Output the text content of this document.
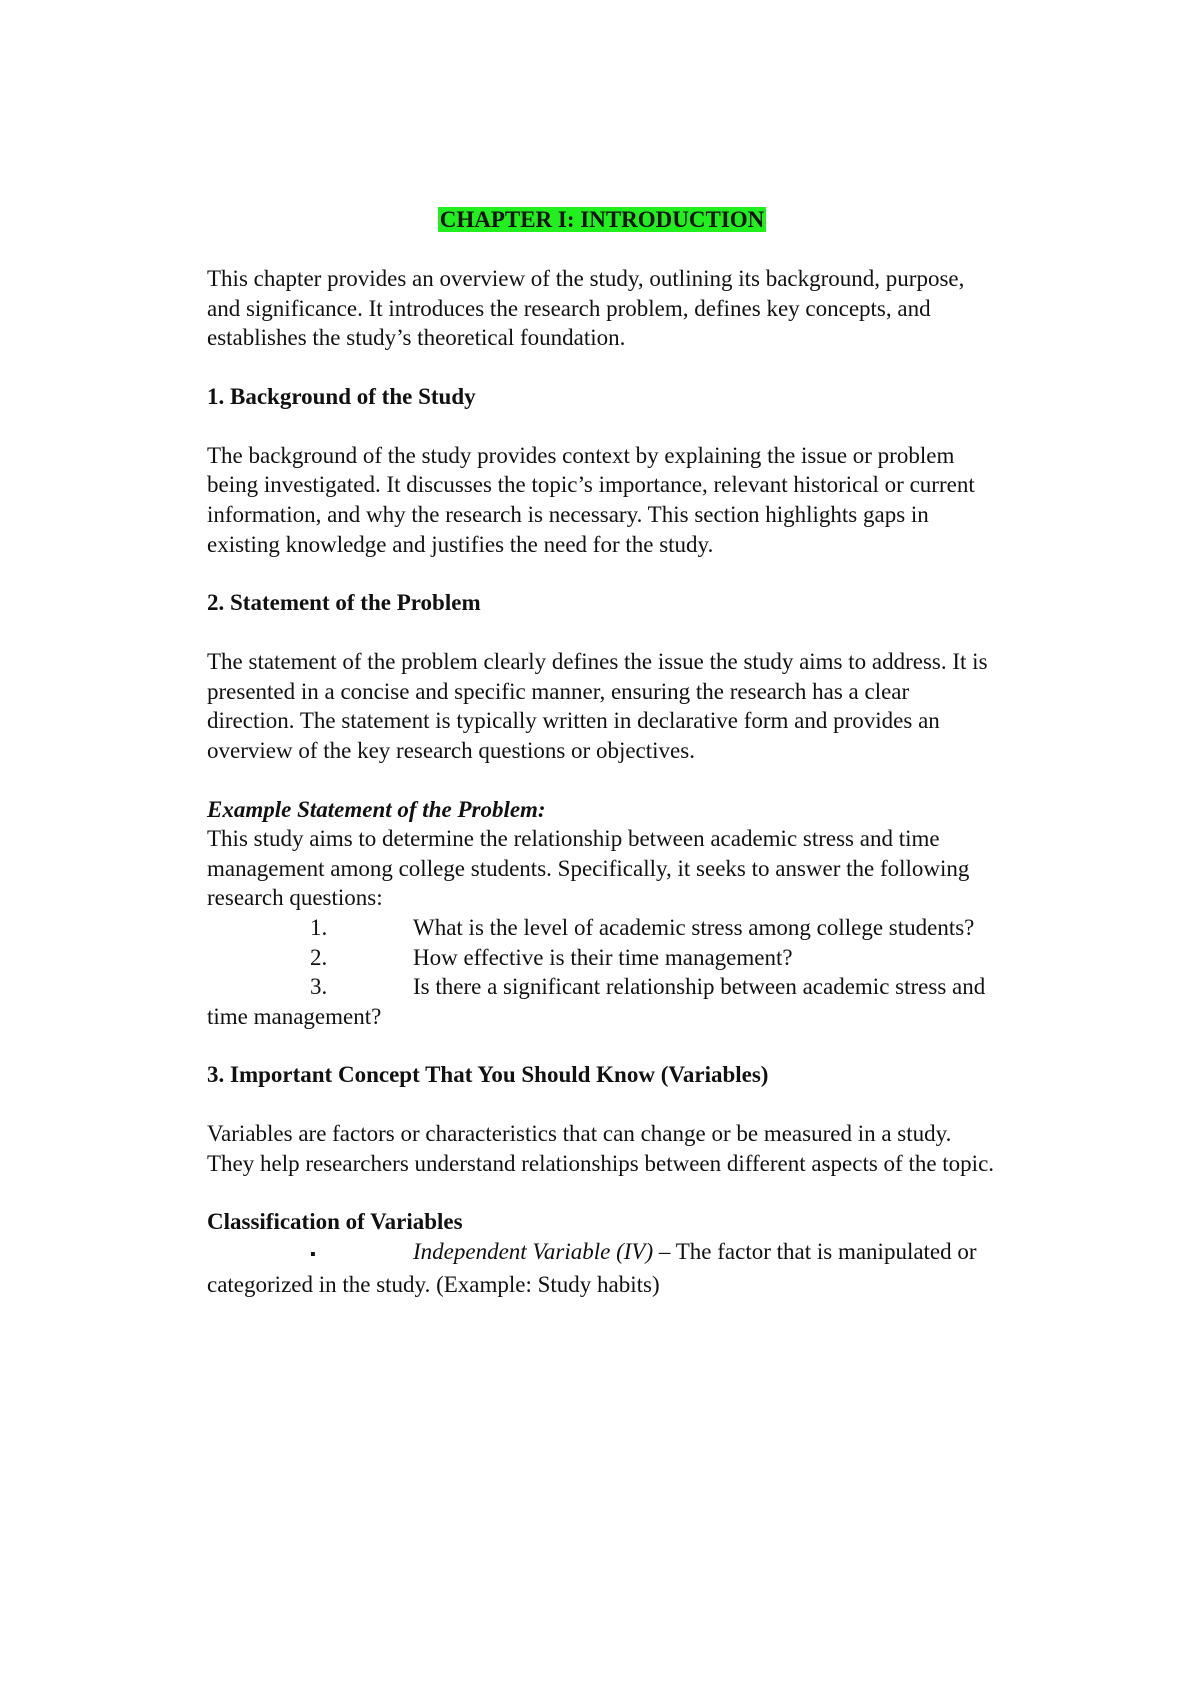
CHAPTER I: INTRODUCTION

This chapter provides an overview of the study, outlining its background, purpose, and significance. It introduces the research problem, defines key concepts, and establishes the study’s theoretical foundation.

1. Background of the Study

The background of the study provides context by explaining the issue or problem being investigated. It discusses the topic’s importance, relevant historical or current information, and why the research is necessary. This section highlights gaps in existing knowledge and justifies the need for the study.

2. Statement of the Problem

The statement of the problem clearly defines the issue the study aims to address. It is presented in a concise and specific manner, ensuring the research has a clear direction. The statement is typically written in declarative form and provides an overview of the key research questions or objectives.

Example Statement of the Problem:

This study aims to determine the relationship between academic stress and time management among college students. Specifically, it seeks to answer the following research questions:

1.	What is the level of academic stress among college students?

2.	How effective is their time management?

3.	Is there a significant relationship between academic stress and time management?

3. Important Concept That You Should Know (Variables)

Variables are factors or characteristics that can change or be measured in a study. They help researchers understand relationships between different aspects of the topic.

Classification of Variables

▪	Independent Variable (IV) – The factor that is manipulated or categorized in the study. (Example: Study habits)
